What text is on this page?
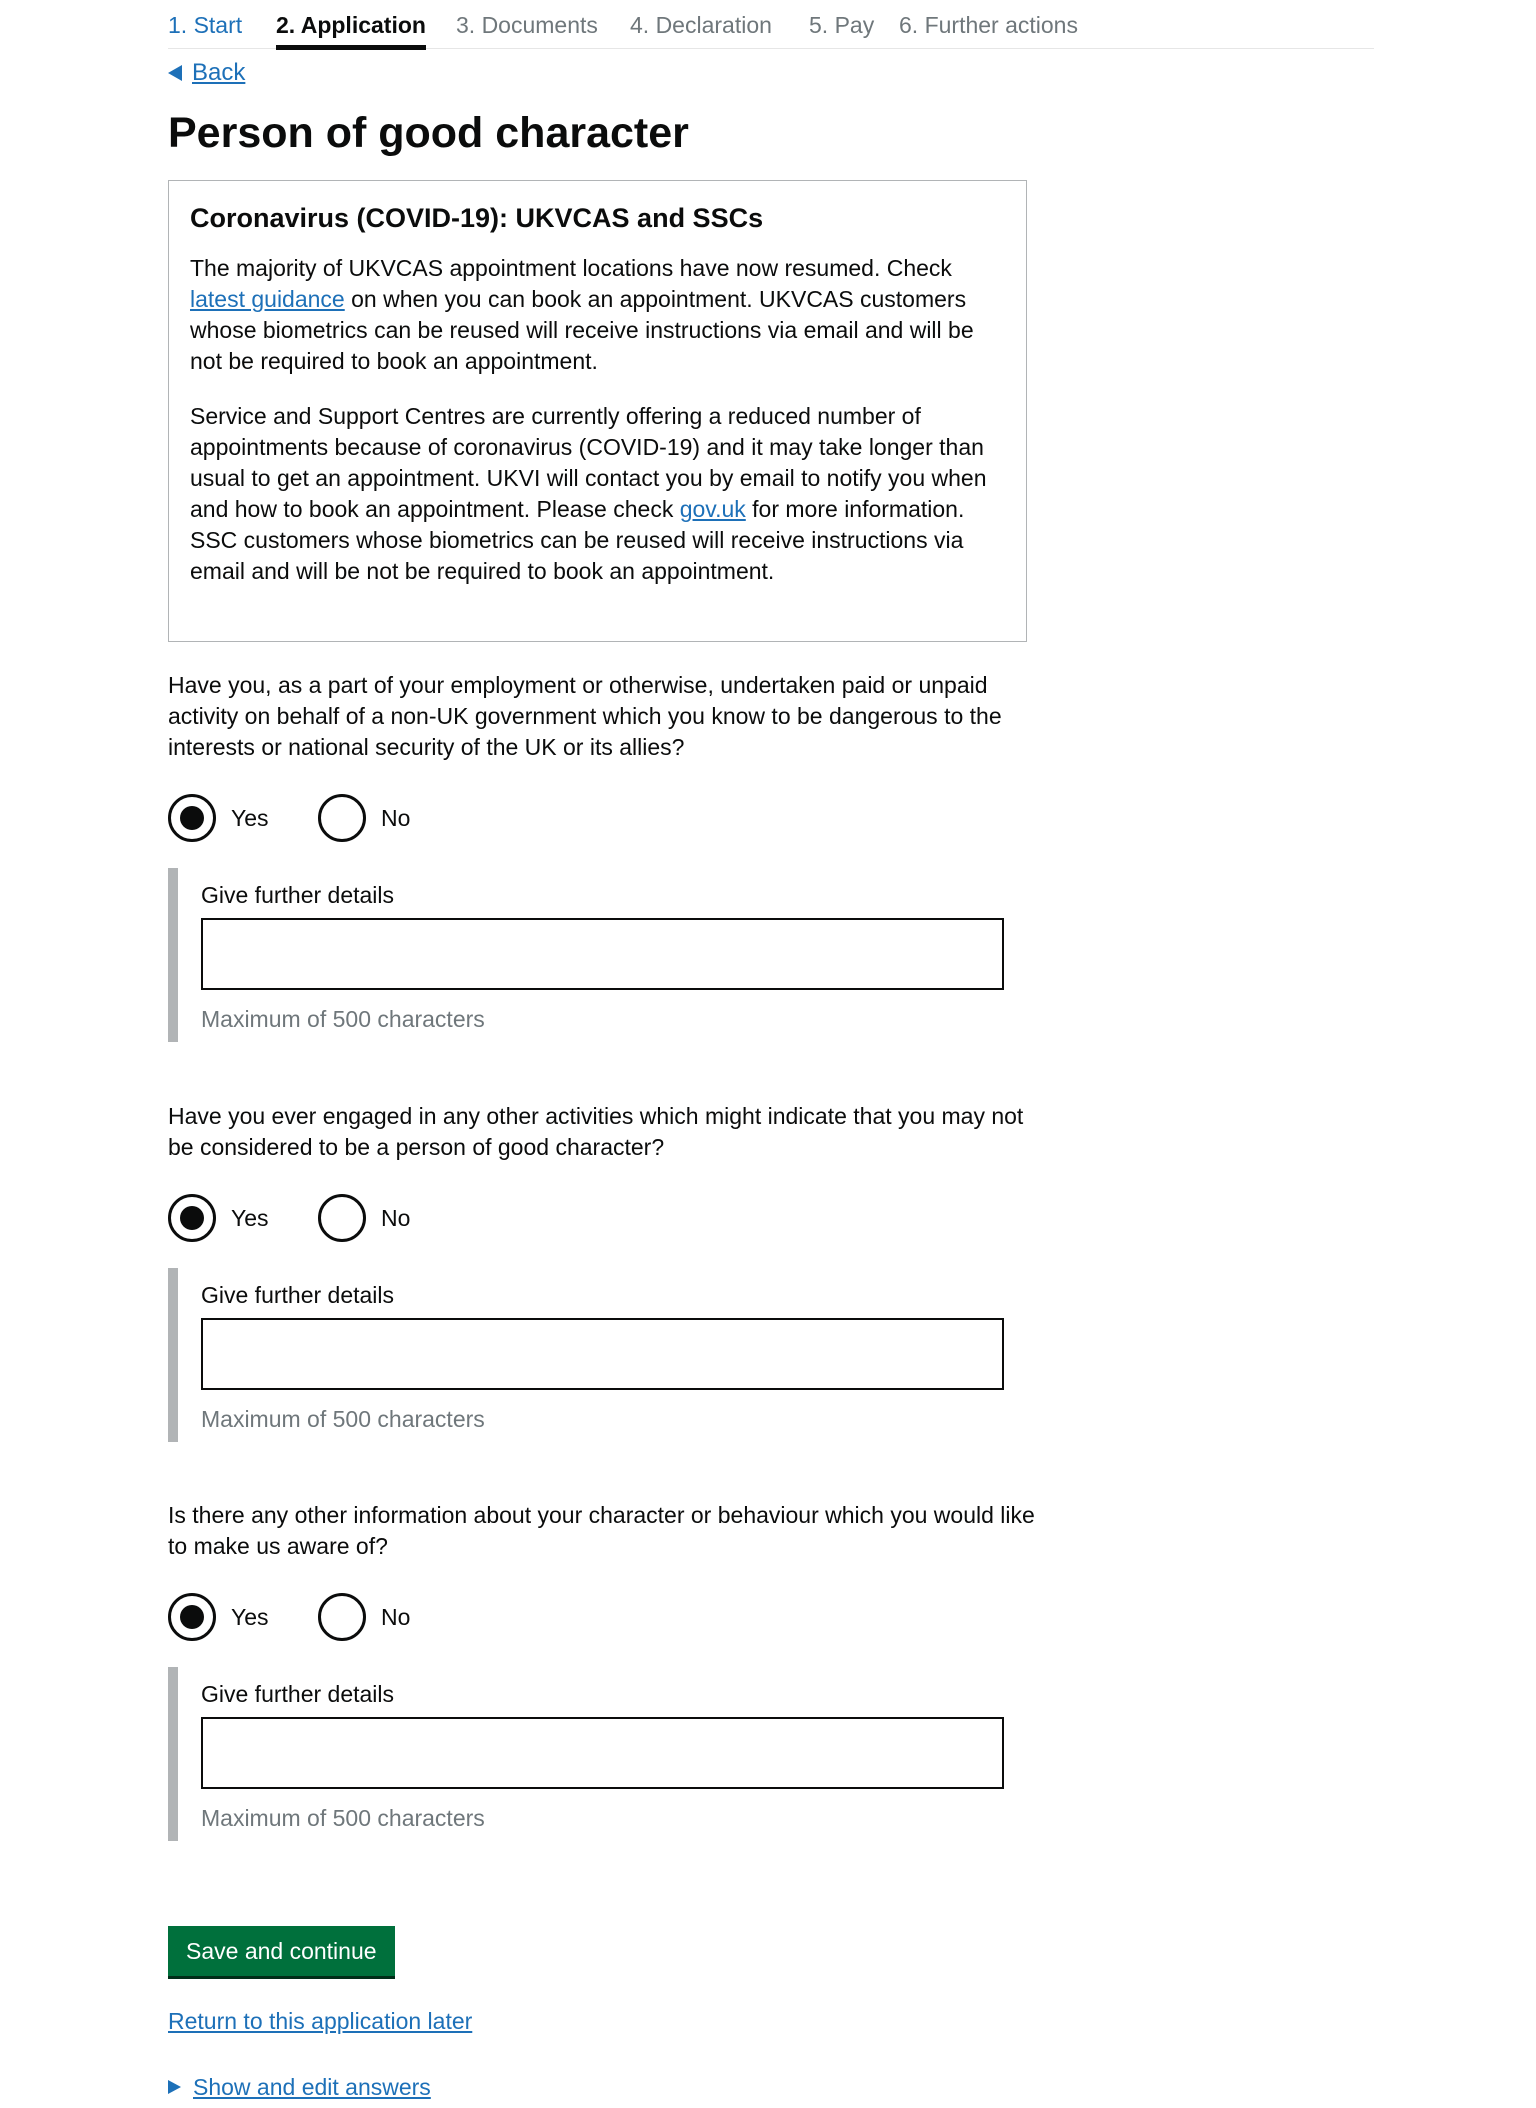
1. Start 2. Application 3. Documents 4. Declaration 5. Pay 6. Further actions
Back
Person of good character
Coronavirus (COVID-19): UKVCAS and SSCs

The majority of UKVCAS appointment locations have now resumed. Check latest guidance on when you can book an appointment. UKVCAS customers whose biometrics can be reused will receive instructions via email and will be not be required to book an appointment.

Service and Support Centres are currently offering a reduced number of appointments because of coronavirus (COVID-19) and it may take longer than usual to get an appointment. UKVI will contact you by email to notify you when and how to book an appointment. Please check gov.uk for more information. SSC customers whose biometrics can be reused will receive instructions via email and will be not be required to book an appointment.

Have you, as a part of your employment or otherwise, undertaken paid or unpaid activity on behalf of a non-UK government which you know to be dangerous to the interests or national security of the UK or its allies?

Yes	No
Give further details
Maximum of 500 characters

Have you ever engaged in any other activities which might indicate that you may not be considered to be a person of good character?

Yes	No
Give further details
Maximum of 500 characters

Is there any other information about your character or behaviour which you would like to make us aware of?

Yes	No
Give further details
Maximum of 500 characters
Save and continue
Return to this application later
Show and edit answers
